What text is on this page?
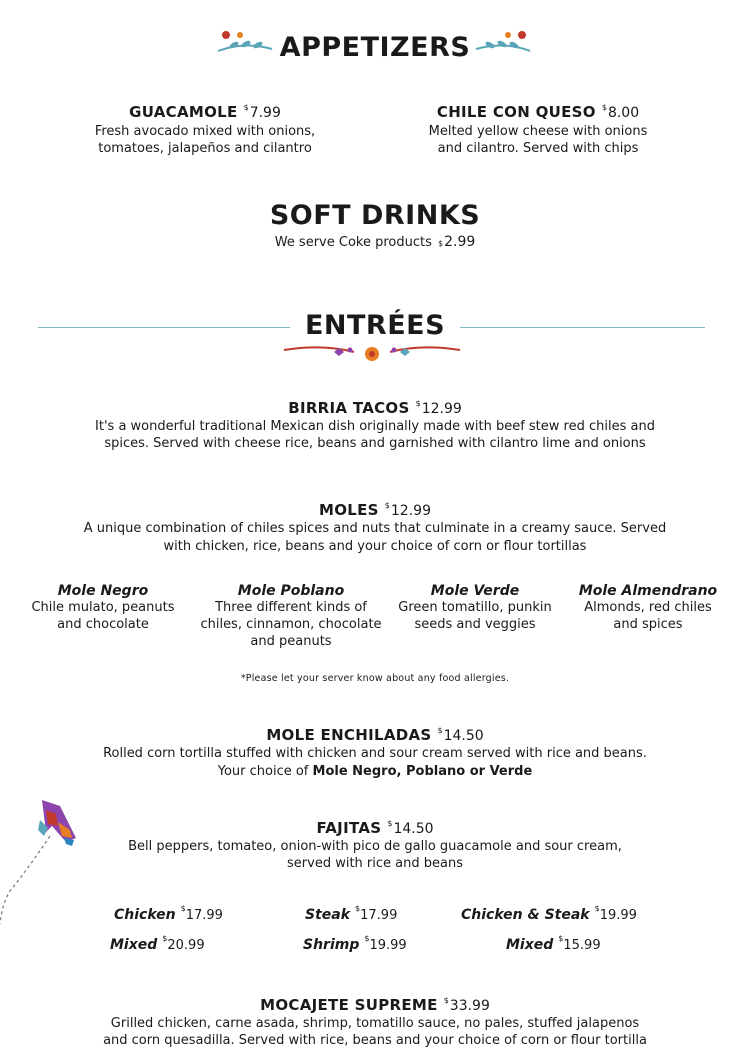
APPETIZERS
GUACAMOLE $7.99
Fresh avocado mixed with onions,
tomatoes, jalapeños and cilantro
CHILE CON QUESO $8.00
Melted yellow cheese with onions
and cilantro. Served with chips
SOFT DRINKS
We serve Coke products $2.99
ENTRÉES
BIRRIA TACOS $12.99
It's a wonderful traditional Mexican dish originally made with beef stew red chiles and
spices. Served with cheese rice, beans and garnished with cilantro lime and onions
MOLES $12.99
A unique combination of chiles spices and nuts that culminate in a creamy sauce. Served
with chicken, rice, beans and your choice of corn or flour tortillas
Mole Negro
Chile mulato, peanuts
and chocolate
Mole Poblano
Three different kinds of
chiles, cinnamon, chocolate
and peanuts
Mole Verde
Green tomatillo, punkin
seeds and veggies
Mole Almendrano
Almonds, red chiles
and spices
*Please let your server know about any food allergies.
MOLE ENCHILADAS $14.50
Rolled corn tortilla stuffed with chicken and sour cream served with rice and beans.
Your choice of Mole Negro, Poblano or Verde
FAJITAS $14.50
Bell peppers, tomateo, onion-with pico de gallo guacamole and sour cream,
served with rice and beans
Chicken $17.99	Steak $17.99	Chicken & Steak $19.99
Mixed $20.99	Shrimp $19.99	Mixed $15.99
MOCAJETE SUPREME $33.99
Grilled chicken, carne asada, shrimp, tomatillo sauce, no pales, stuffed jalapenos
and corn quesadilla. Served with rice, beans and your choice of corn or flour tortilla
